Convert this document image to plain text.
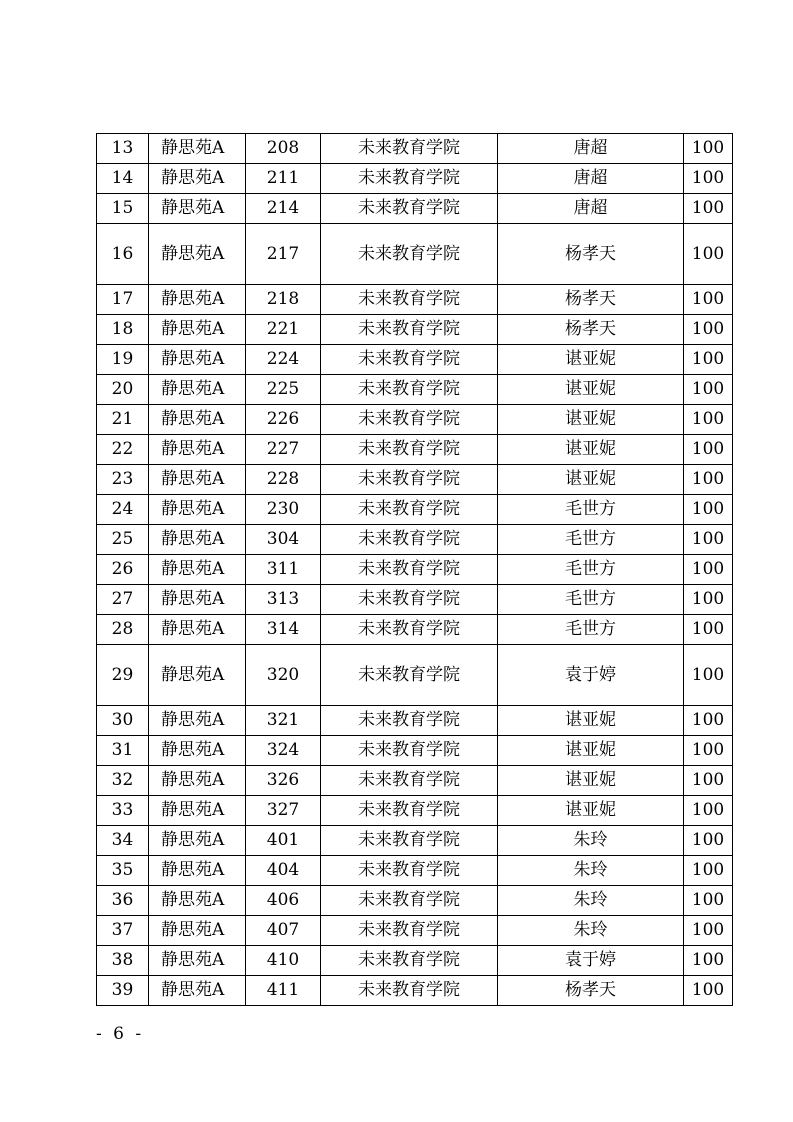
13	静思苑A	208	未来教育学院	唐超	100
14	静思苑A	211	未来教育学院	唐超	100
15	静思苑A	214	未来教育学院	唐超	100
16	静思苑A	217	未来教育学院	杨孝天	100
17	静思苑A	218	未来教育学院	杨孝天	100
18	静思苑A	221	未来教育学院	杨孝天	100
19	静思苑A	224	未来教育学院	谌亚妮	100
20	静思苑A	225	未来教育学院	谌亚妮	100
21	静思苑A	226	未来教育学院	谌亚妮	100
22	静思苑A	227	未来教育学院	谌亚妮	100
23	静思苑A	228	未来教育学院	谌亚妮	100
24	静思苑A	230	未来教育学院	毛世方	100
25	静思苑A	304	未来教育学院	毛世方	100
26	静思苑A	311	未来教育学院	毛世方	100
27	静思苑A	313	未来教育学院	毛世方	100
28	静思苑A	314	未来教育学院	毛世方	100
29	静思苑A	320	未来教育学院	袁于婷	100
30	静思苑A	321	未来教育学院	谌亚妮	100
31	静思苑A	324	未来教育学院	谌亚妮	100
32	静思苑A	326	未来教育学院	谌亚妮	100
33	静思苑A	327	未来教育学院	谌亚妮	100
34	静思苑A	401	未来教育学院	朱玲	100
35	静思苑A	404	未来教育学院	朱玲	100
36	静思苑A	406	未来教育学院	朱玲	100
37	静思苑A	407	未来教育学院	朱玲	100
38	静思苑A	410	未来教育学院	袁于婷	100
39	静思苑A	411	未来教育学院	杨孝天	100
- 6 -
